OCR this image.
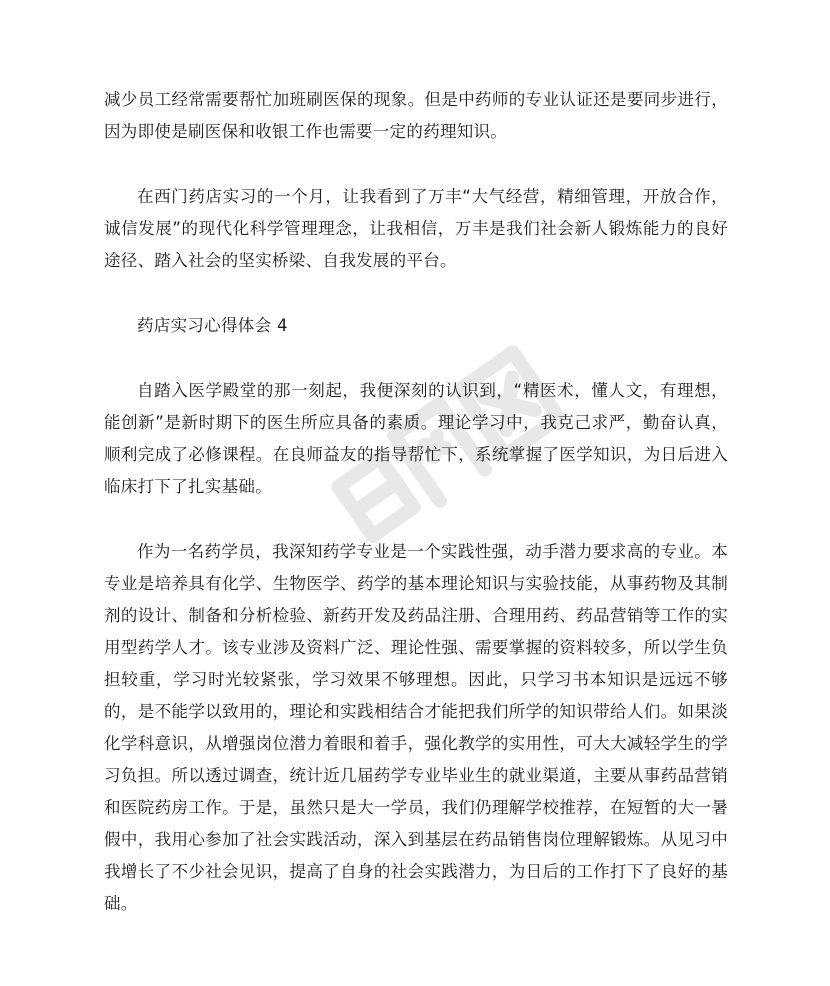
减少员工经常需要帮忙加班刷医保的现象。但是中药师的专业认证还是要同步进行，因为即使是刷医保和收银工作也需要一定的药理知识。

在西门药店实习的一个月，让我看到了万丰“大气经营，精细管理，开放合作，诚信发展”的现代化科学管理理念，让我相信，万丰是我们社会新人锻炼能力的良好途径、踏入社会的坚实桥梁、自我发展的平台。

药店实习心得体会 4

自踏入医学殿堂的那一刻起，我便深刻的认识到，“精医术，懂人文，有理想，能创新”是新时期下的医生所应具备的素质。理论学习中，我克己求严，勤奋认真，顺利完成了必修课程。在良师益友的指导帮忙下，系统掌握了医学知识，为日后进入临床打下了扎实基础。

作为一名药学员，我深知药学专业是一个实践性强，动手潜力要求高的专业。本专业是培养具有化学、生物医学、药学的基本理论知识与实验技能，从事药物及其制剂的设计、制备和分析检验、新药开发及药品注册、合理用药、药品营销等工作的实用型药学人才。该专业涉及资料广泛、理论性强、需要掌握的资料较多，所以学生负担较重，学习时光较紧张，学习效果不够理想。因此，只学习书本知识是远远不够的，是不能学以致用的，理论和实践相结合才能把我们所学的知识带给人们。如果淡化学科意识，从增强岗位潜力着眼和着手，强化教学的实用性，可大大减轻学生的学习负担。所以透过调查，统计近几届药学专业毕业生的就业渠道，主要从事药品营销和医院药房工作。于是，虽然只是大一学员，我们仍理解学校推荐，在短暂的大一暑假中，我用心参加了社会实践活动，深入到基层在药品销售岗位理解锻炼。从见习中我增长了不少社会见识，提高了自身的社会实践潜力，为日后的工作打下了良好的基础。
